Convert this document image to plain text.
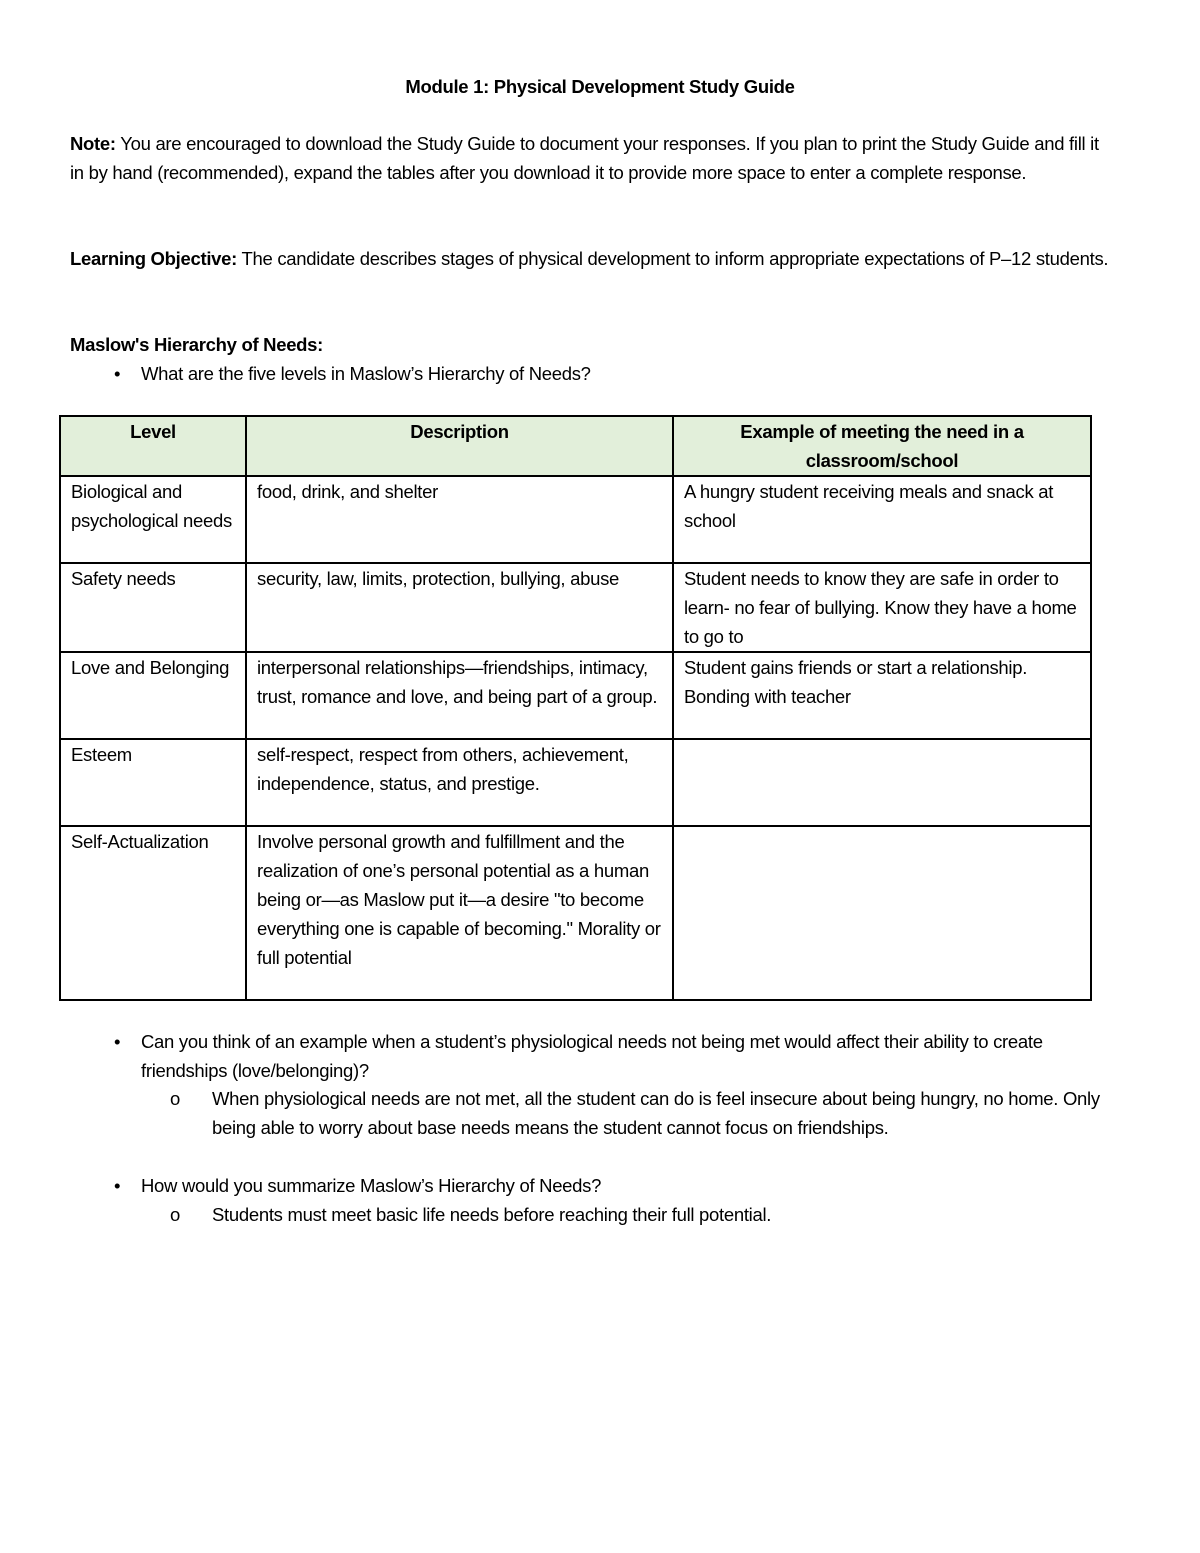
Module 1: Physical Development Study Guide
Note: You are encouraged to download the Study Guide to document your responses. If you plan to print the Study Guide and fill it in by hand (recommended), expand the tables after you download it to provide more space to enter a complete response.
Learning Objective: The candidate describes stages of physical development to inform appropriate expectations of P–12 students.
Maslow's Hierarchy of Needs:
• What are the five levels in Maslow’s Hierarchy of Needs?
Level	Description	Example of meeting the need in a classroom/school
Biological and psychological needs	food, drink, and shelter	A hungry student receiving meals and snack at school
Safety needs	security, law, limits, protection, bullying, abuse	Student needs to know they are safe in order to learn- no fear of bullying. Know they have a home to go to
Love and Belonging	interpersonal relationships—friendships, intimacy, trust, romance and love, and being part of a group.	Student gains friends or start a relationship. Bonding with teacher
Esteem	self-respect, respect from others, achievement, independence, status, and prestige.	
Self-Actualization	Involve personal growth and fulfillment and the realization of one’s personal potential as a human being or—as Maslow put it—a desire "to become everything one is capable of becoming." Morality or full potential	
• Can you think of an example when a student’s physiological needs not being met would affect their ability to create friendships (love/belonging)?
o When physiological needs are not met, all the student can do is feel insecure about being hungry, no home. Only being able to worry about base needs means the student cannot focus on friendships.
• How would you summarize Maslow’s Hierarchy of Needs?
o Students must meet basic life needs before reaching their full potential.
